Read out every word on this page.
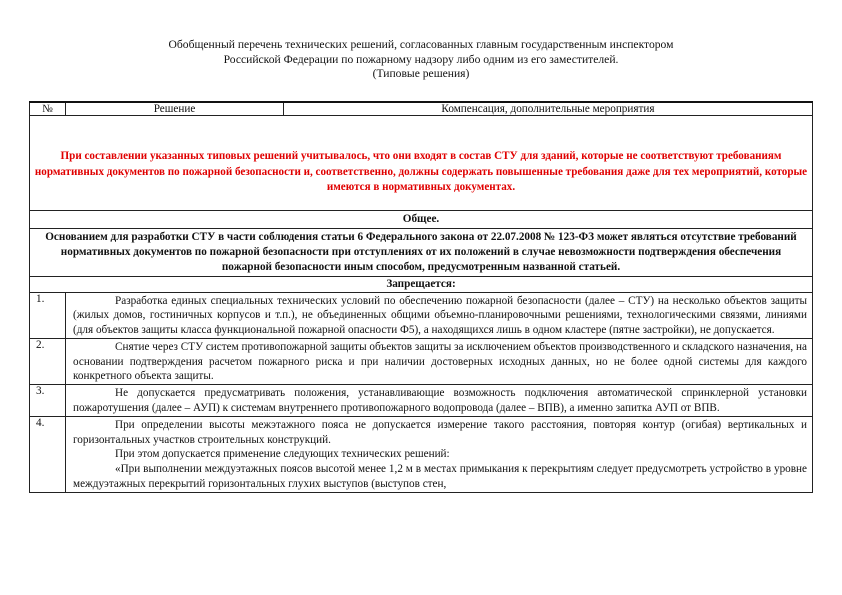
Обобщенный перечень технических решений, согласованных главным государственным инспектором
Российской Федерации по пожарному надзору либо одним из его заместителей.
(Типовые решения)
№	Решение	Компенсация, дополнительные мероприятия
При составлении указанных типовых решений учитывалось, что они входят в состав СТУ для зданий, которые не соответствуют требованиям нормативных документов по пожарной безопасности и, соответственно, должны содержать повышенные требования даже для тех мероприятий, которые имеются в нормативных документах.		
Общее.		
Основанием для разработки СТУ в части соблюдения статьи 6 Федерального закона от 22.07.2008 № 123-ФЗ может являться отсутствие требований нормативных документов по пожарной безопасности при отступлениях от их положений в случае невозможности подтверждения обеспечения пожарной безопасности иным способом, предусмотренным названной статьей.		
Запрещается:		
1.	Разработка единых специальных технических условий по обеспечению пожарной безопасности (далее – СТУ) на несколько объектов защиты (жилых домов, гостиничных корпусов и т.п.), не объединенных общими объемно-планировочными решениями, технологическими связями, линиями (для объектов защиты класса функциональной пожарной опасности Ф5), а находящихся лишь в одном кластере (пятне застройки), не допускается.	

2.	Снятие через СТУ систем противопожарной защиты объектов защиты за исключением объектов производственного и складского назначения, на основании подтверждения расчетом пожарного риска и при наличии достоверных исходных данных, но не более одной системы для каждого конкретного объекта защиты.	

3.	Не допускается предусматривать положения, устанавливающие возможность подключения автоматической спринклерной установки пожаротушения (далее – АУП) к системам внутреннего противопожарного водопровода (далее – ВПВ), а именно запитка АУП от ВПВ.	

4.	При определении высоты межэтажного пояса не допускается измерение такого расстояния, повторяя контур (огибая) вертикальных и горизонтальных участков строительных конструкций.

При этом допускается применение следующих технических решений:

«При выполнении междуэтажных поясов высотой менее 1,2 м в местах примыкания к перекрытиям следует предусмотреть устройство в уровне междуэтажных перекрытий горизонтальных глухих выступов (выступов стен,	
